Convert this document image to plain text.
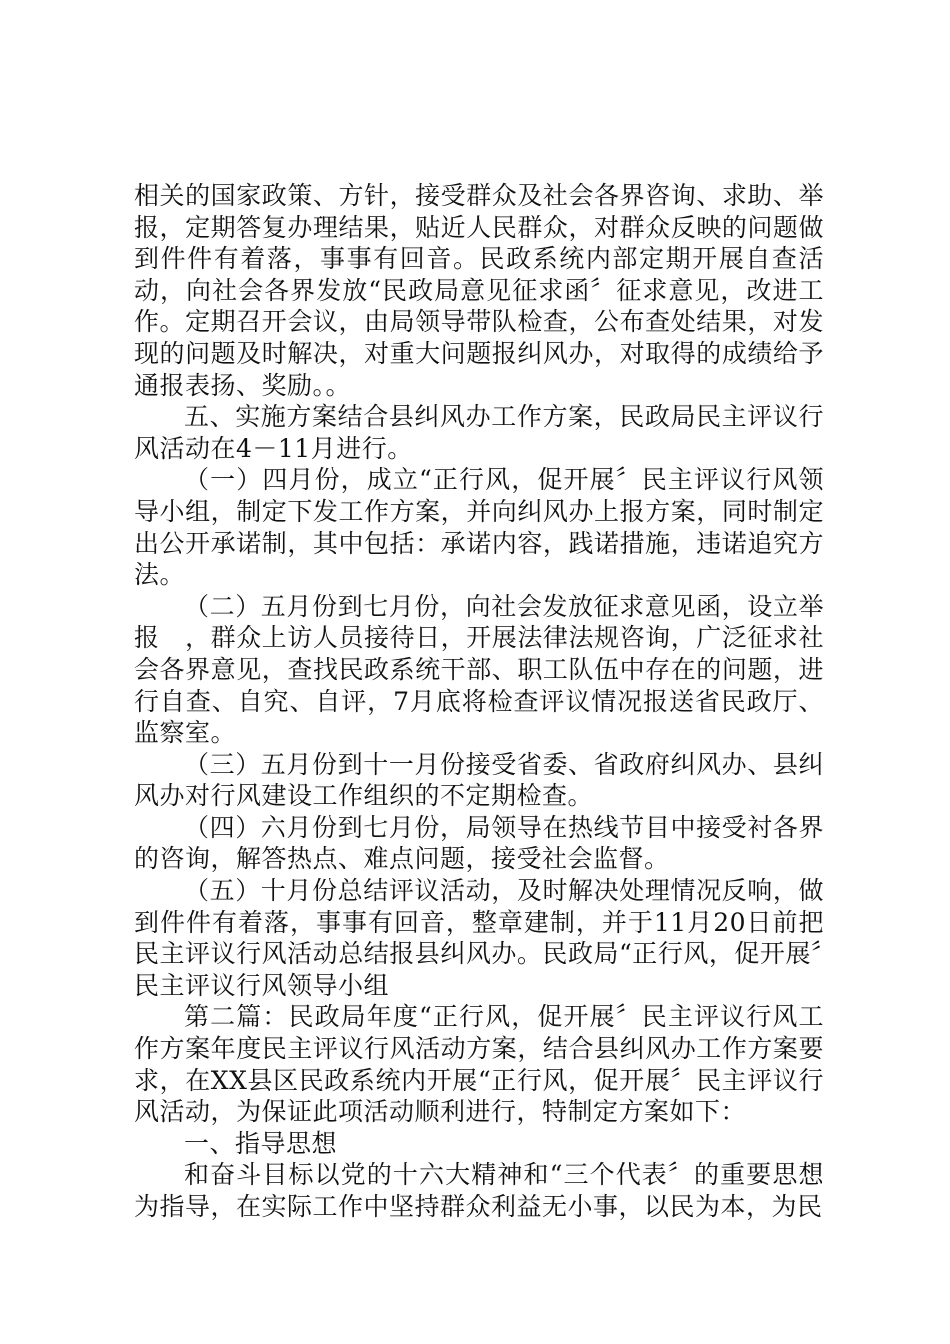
相关的国家政策、方针，接受群众及社会各界咨询、求助、举报，定期答复办理结果，贴近人民群众，对群众反映的问题做到件件有着落，事事有回音。民政系统内部定期开展自查活动，向社会各界发放“民政局意见征求函〞征求意见，改进工作。定期召开会议，由局领导带队检查，公布查处结果，对发现的问题及时解决，对重大问题报纠风办，对取得的成绩给予通报表扬、奖励。。

五、实施方案结合县纠风办工作方案，民政局民主评议行风活动在4－11月进行。

（一）四月份，成立“正行风，促开展〞民主评议行风领导小组，制定下发工作方案，并向纠风办上报方案，同时制定出公开承诺制，其中包括：承诺内容，践诺措施，违诺追究方法。

（二）五月份到七月份，向社会发放征求意见函，设立举报　，群众上访人员接待日，开展法律法规咨询，广泛征求社会各界意见，查找民政系统干部、职工队伍中存在的问题，进行自查、自究、自评，7月底将检查评议情况报送省民政厅、监察室。

（三）五月份到十一月份接受省委、省政府纠风办、县纠风办对行风建设工作组织的不定期检查。

（四）六月份到七月份，局领导在热线节目中接受衬各界的咨询，解答热点、难点问题，接受社会监督。

（五）十月份总结评议活动，及时解决处理情况反响，做到件件有着落，事事有回音，整章建制，并于11月20日前把民主评议行风活动总结报县纠风办。民政局“正行风，促开展〞民主评议行风领导小组

第二篇：民政局年度“正行风，促开展〞民主评议行风工作方案年度民主评议行风活动方案，结合县纠风办工作方案要求，在XX县区民政系统内开展“正行风，促开展〞民主评议行风活动，为保证此项活动顺利进行，特制定方案如下：

一、指导思想

和奋斗目标以党的十六大精神和“三个代表〞的重要思想为指导，在实际工作中坚持群众利益无小事，以民为本，为民
